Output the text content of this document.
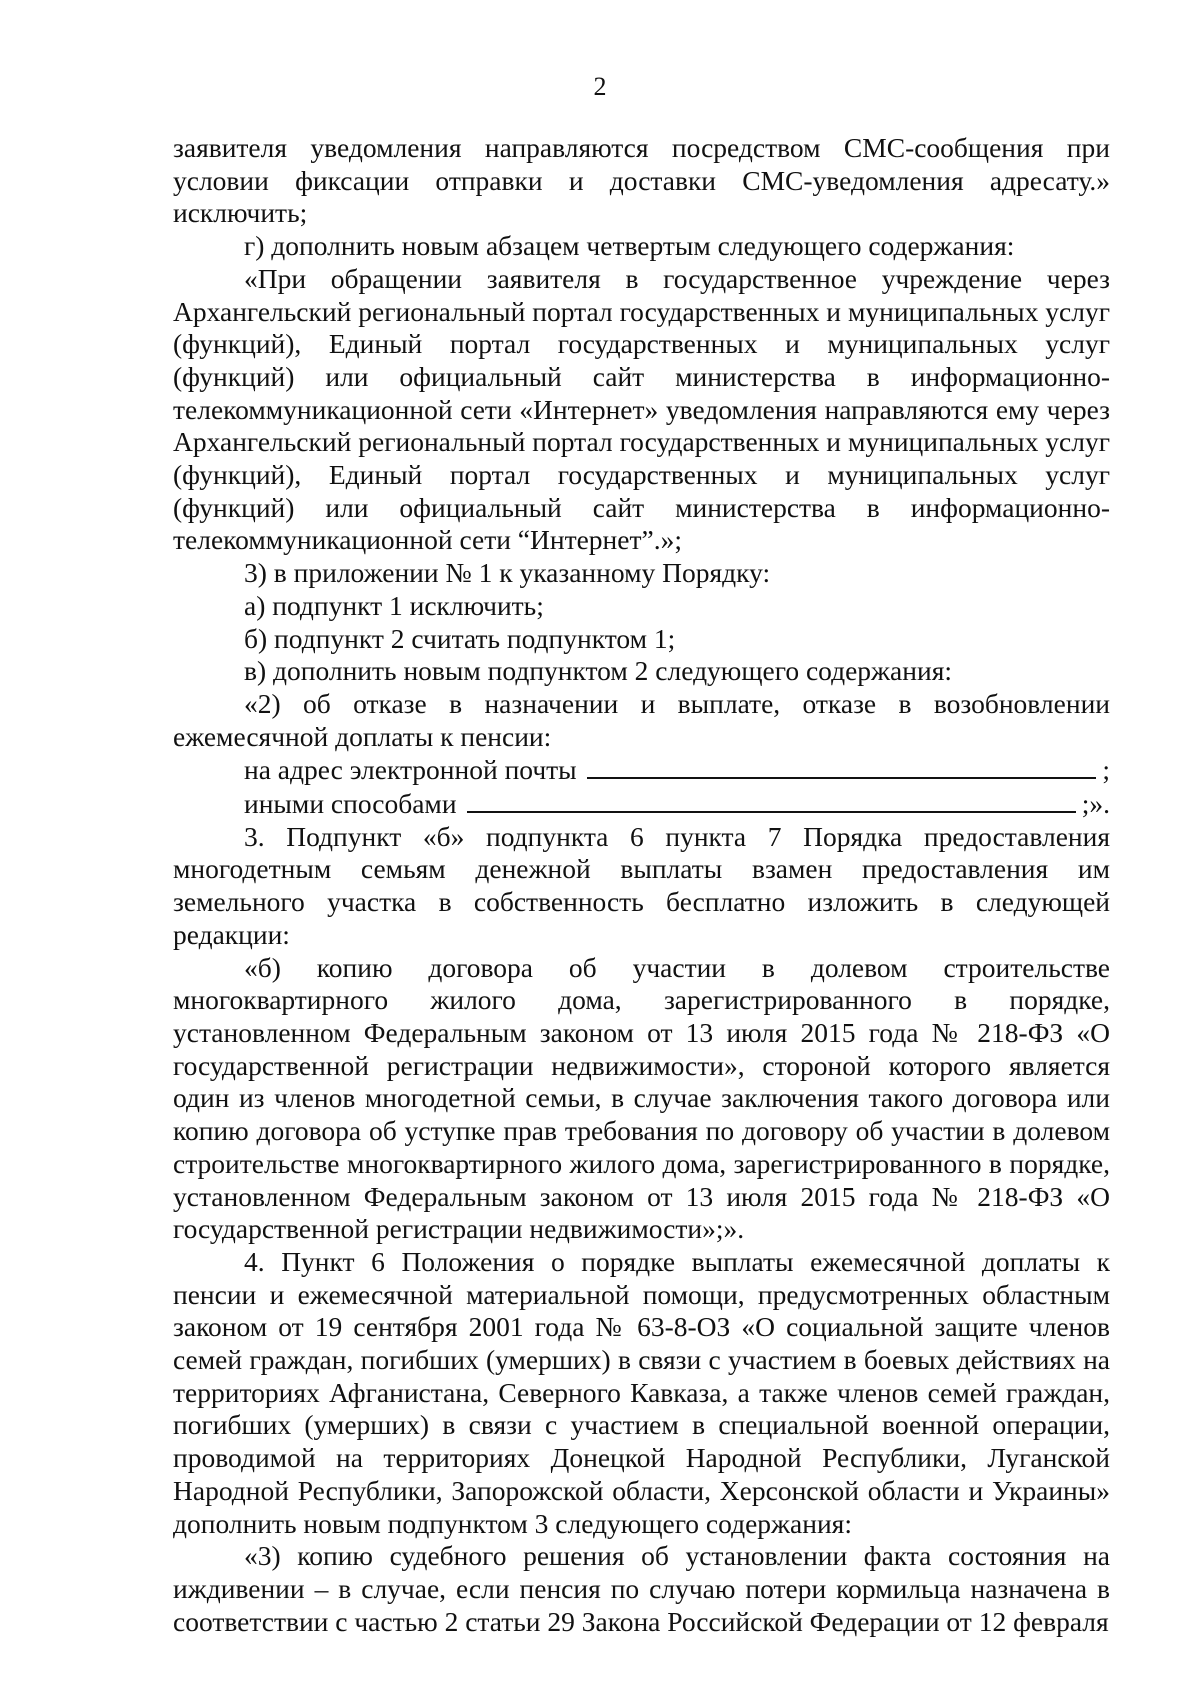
2

заявителя уведомления направляются посредством СМС-сообщения при условии фиксации отправки и доставки СМС-уведомления адресату.» исключить;

г) дополнить новым абзацем четвертым следующего содержания:

«При обращении заявителя в государственное учреждение через Архангельский региональный портал государственных и муниципальных услуг (функций), Единый портал государственных и муниципальных услуг (функций) или официальный сайт министерства в информационно-телекоммуникационной сети «Интернет» уведомления направляются ему через Архангельский региональный портал государственных и муниципальных услуг (функций), Единый портал государственных и муниципальных услуг (функций) или официальный сайт министерства в информационно-телекоммуникационной сети “Интернет”.»;

3) в приложении № 1 к указанному Порядку:

а) подпункт 1 исключить;

б) подпункт 2 считать подпунктом 1;

в) дополнить новым подпунктом 2 следующего содержания:

«2) об отказе в назначении и выплате, отказе в возобновлении ежемесячной доплаты к пенсии:

на адрес электронной почты	;
иными способами	;».

3. Подпункт «б» подпункта 6 пункта 7 Порядка предоставления многодетным семьям денежной выплаты взамен предоставления им земельного участка в собственность бесплатно изложить в следующей редакции:

«б) копию договора об участии в долевом строительстве многоквартирного жилого дома, зарегистрированного в порядке, установленном Федеральным законом от 13 июля 2015 года № 218-ФЗ «О государственной регистрации недвижимости», стороной которого является один из членов многодетной семьи, в случае заключения такого договора или копию договора об уступке прав требования по договору об участии в долевом строительстве многоквартирного жилого дома, зарегистрированного в порядке, установленном Федеральным законом от 13 июля 2015 года № 218-ФЗ «О государственной регистрации недвижимости»;».

4. Пункт 6 Положения о порядке выплаты ежемесячной доплаты к пенсии и ежемесячной материальной помощи, предусмотренных областным законом от 19 сентября 2001 года № 63-8-ОЗ «О социальной защите членов семей граждан, погибших (умерших) в связи с участием в боевых действиях на территориях Афганистана, Северного Кавказа, а также членов семей граждан, погибших (умерших) в связи с участием в специальной военной операции, проводимой на территориях Донецкой Народной Республики, Луганской Народной Республики, Запорожской области, Херсонской области и Украины» дополнить новым подпунктом 3 следующего содержания:

«3) копию судебного решения об установлении факта состояния на иждивении – в случае, если пенсия по случаю потери кормильца назначена в соответствии с частью 2 статьи 29 Закона Российской Федерации от 12 февраля
